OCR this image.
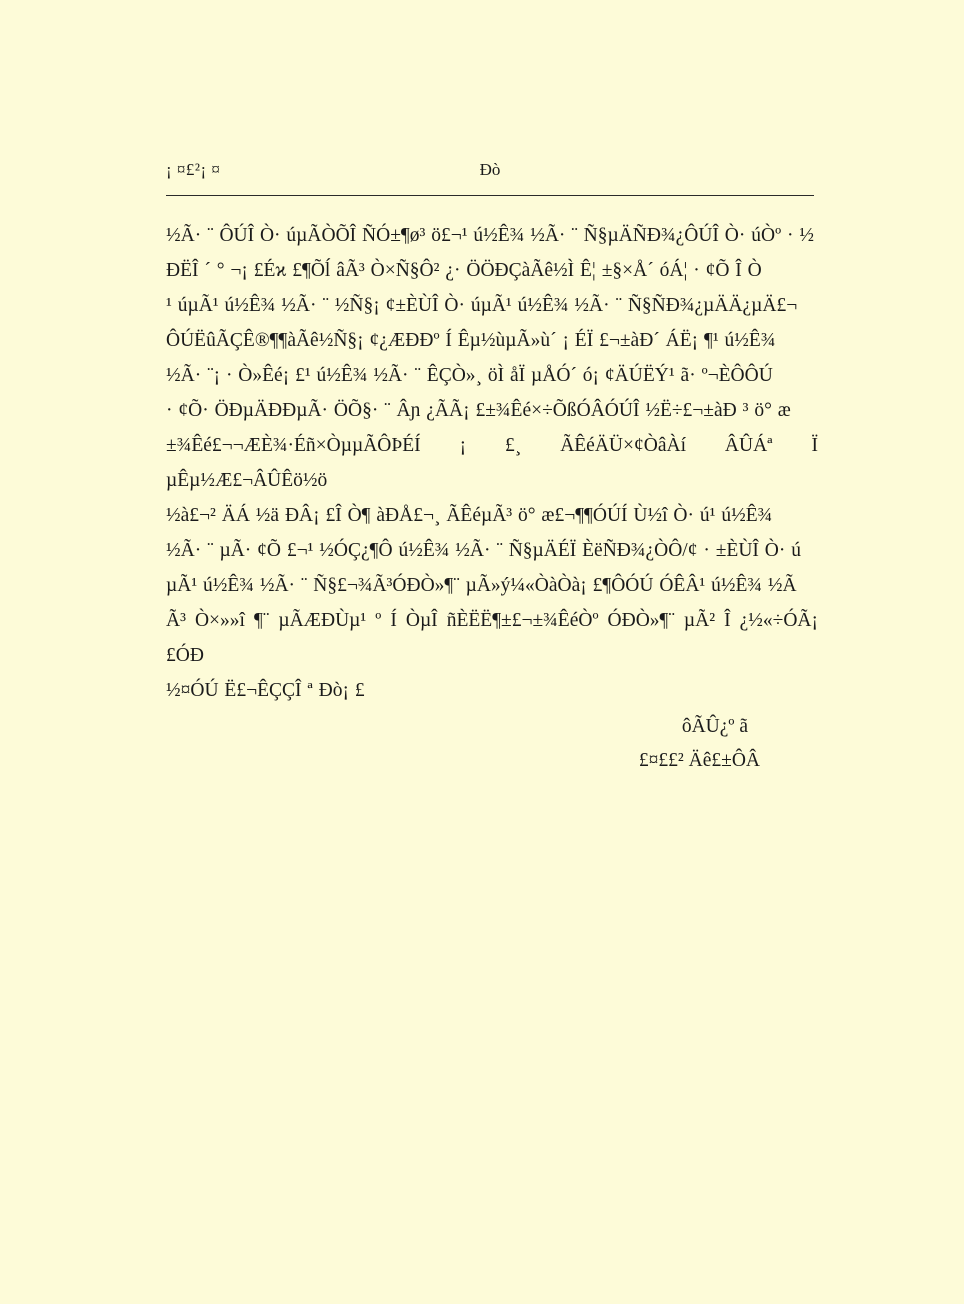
¡ ¤£²¡ ¤	Ðò

½Ã· ¨ ÔÚÎ Ò· úµÃÒÕÎ ÑÓ±¶ø³ ö£¬¹ ú½Ê¾ ½Ã· ¨ Ñ§µÄÑÐ¾¿ÔÚÎ Ò· úÒº · ½

ÐËÎ ´ ° ¬¡ £Éϰ £¶Õĺ âÃ³ Ò×Ñ§Ô² ¿· ÖÖÐÇàÃê½Ì Ê¦ ±§×Å´ óÁ¦ · ¢Õ Î Ò

¹ úµÃ¹ ú½Ê¾ ½Ã· ¨ ½Ñ§¡ ¢±ÈÙÎ Ò· úµÃ¹ ú½Ê¾ ½Ã· ¨ Ñ§ÑÐ¾¿µÄÄ¿µÄ£¬

ÔÚËûÃÇÊ®¶¶àÃê½Ñ§¡ ¢¿ÆÐÐº Í Êµ½ùµÃ»ù´ ¡ ÉÏ £¬±àÐ´ ÁË¡ ¶¹ ú½Ê¾

½Ã· ¨¡ · Ò»Êé¡ £¹ ú½Ê¾ ½Ã· ¨ ÊÇÒ»¸ öÌ åÏ µÅÓ´ ó¡ ¢ÄÚËÝ¹ ã· º¬ÈÔÔÚ

· ¢Õ· ÖÐµÄÐÐµÃ· ÖÕ§· ¨ Âɲ ¿ÃÃ¡ £±¾Êé×÷ÕßÓÂÓÚÎ ½Ë÷£¬±àÐ ³ ö° æ

±¾Êé£¬¬ÆÈ¾·Éñ×ÒµµÃÔÞÉÍ ¡ £¸ ÃÊéÄÜ×¢ÒâÀí ÂÛÁª Ï µÊµ½Æ£¬ÂÛÊö½ö

½à£¬² ÄÁ ½ä ÐÂ¡ £Î Ò¶ àÐÅ£¬¸ ÃÊéµÃ³ ö° æ£¬¶¶ÓÚÍ Ù½î Ò· ú¹ ú½Ê¾

½Ã· ¨ µÃ· ¢Õ £¬¹ ½ÓÇ¿¶Ô ú½Ê¾ ½Ã· ¨ Ñ§µÄÉÏ ÈëÑÐ¾¿ÒÔ/¢ · ±ÈÙÎ Ò· ú

µÃ¹ ú½Ê¾ ½Ã· ¨ Ñ§£¬¾Ã³ÓÐÒ»¶¨ µÃ»ý¼«ÒàÒà¡ £¶ÔÓÚ ÓÊÂ¹ ú½Ê¾ ½Ã

Ã³ Ò×»»î ¶¨ µÃÆÐÙµ¹ º Í ÒµÎ ñÈËË¶±£¬±¾ÊéÒº ÓÐÒ»¶¨ µÃ² Î ¿½«÷ÓÃ¡ £ÓÐ

½¤ÓÚ Ë£¬ÊÇÇÎ ª Ðò¡ £

ôÃÛ¿º ã
£¤££² Äê£±ÔÂ
